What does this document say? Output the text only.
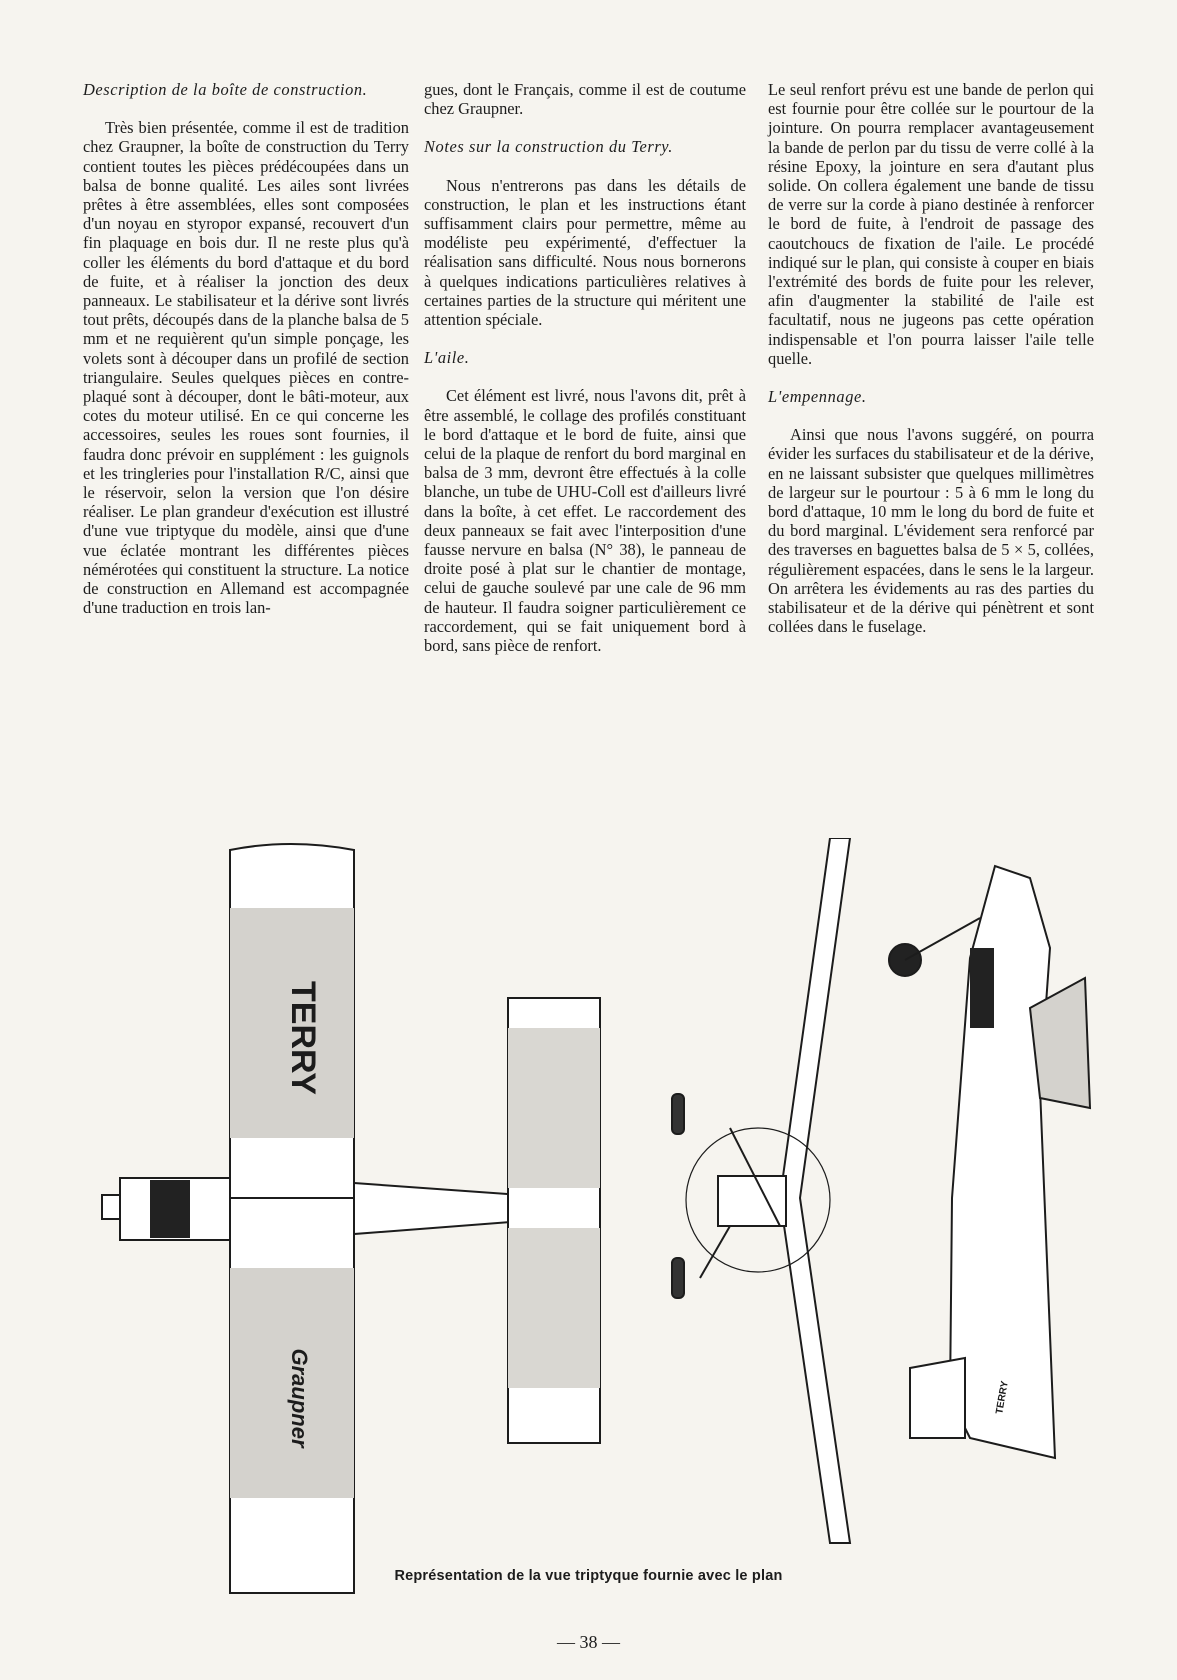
Description de la boîte de construction.

Très bien présentée, comme il est de tradition chez Graupner, la boîte de construction du Terry contient toutes les pièces prédécoupées dans un balsa de bonne qualité. Les ailes sont livrées prêtes à être assemblées, elles sont composées d'un noyau en styropor expansé, recouvert d'un fin plaquage en bois dur. Il ne reste plus qu'à coller les éléments du bord d'attaque et du bord de fuite, et à réaliser la jonction des deux panneaux. Le stabilisateur et la dérive sont livrés tout prêts, découpés dans de la planche balsa de 5 mm et ne requièrent qu'un simple ponçage, les volets sont à découper dans un profilé de section triangulaire. Seules quelques pièces en contre-plaqué sont à découper, dont le bâti-moteur, aux cotes du moteur utilisé. En ce qui concerne les accessoires, seules les roues sont fournies, il faudra donc prévoir en supplément : les guignols et les tringleries pour l'installation R/C, ainsi que le réservoir, selon la version que l'on désire réaliser. Le plan grandeur d'exécution est illustré d'une vue triptyque du modèle, ainsi que d'une vue éclatée montrant les différentes pièces némérotées qui constituent la structure. La notice de construction en Allemand est accompagnée d'une traduction en trois lan-

gues, dont le Français, comme il est de coutume chez Graupner.

Notes sur la construction du Terry.

Nous n'entrerons pas dans les détails de construction, le plan et les instructions étant suffisamment clairs pour permettre, même au modéliste peu expérimenté, d'effectuer la réalisation sans difficulté. Nous nous bornerons à quelques indications particulières relatives à certaines parties de la structure qui méritent une attention spéciale.

L'aile.

Cet élément est livré, nous l'avons dit, prêt à être assemblé, le collage des profilés constituant le bord d'attaque et le bord de fuite, ainsi que celui de la plaque de renfort du bord marginal en balsa de 3 mm, devront être effectués à la colle blanche, un tube de UHU-Coll est d'ailleurs livré dans la boîte, à cet effet. Le raccordement des deux panneaux se fait avec l'interposition d'une fausse nervure en balsa (N° 38), le panneau de droite posé à plat sur le chantier de montage, celui de gauche soulevé par une cale de 96 mm de hauteur. Il faudra soigner particulièrement ce raccordement, qui se fait uniquement bord à bord, sans pièce de renfort.

Le seul renfort prévu est une bande de perlon qui est fournie pour être collée sur le pourtour de la jointure. On pourra remplacer avantageusement la bande de perlon par du tissu de verre collé à la résine Epoxy, la jointure en sera d'autant plus solide. On collera également une bande de tissu de verre sur la corde à piano destinée à renforcer le bord de fuite, à l'endroit de passage des caoutchoucs de fixation de l'aile. Le procédé indiqué sur le plan, qui consiste à couper en biais l'extrémité des bords de fuite pour les relever, afin d'augmenter la stabilité de l'aile est facultatif, nous ne jugeons pas cette opération indispensable et l'on pourra laisser l'aile telle quelle.

L'empennage.

Ainsi que nous l'avons suggéré, on pourra évider les surfaces du stabilisateur et de la dérive, en ne laissant subsister que quelques millimètres de largeur sur le pourtour : 5 à 6 mm le long du bord d'attaque, 10 mm le long du bord de fuite et du bord marginal. L'évidement sera renforcé par des traverses en baguettes balsa de 5 × 5, collées, régulièrement espacées, dans le sens le la largeur. On arrêtera les évidements au ras des parties du stabilisateur et de la dérive qui pénètrent et sont collées dans le fuselage.

TERRY
Graupner	TERRY
Représentation de la vue triptyque fournie avec le plan
— 38 —
